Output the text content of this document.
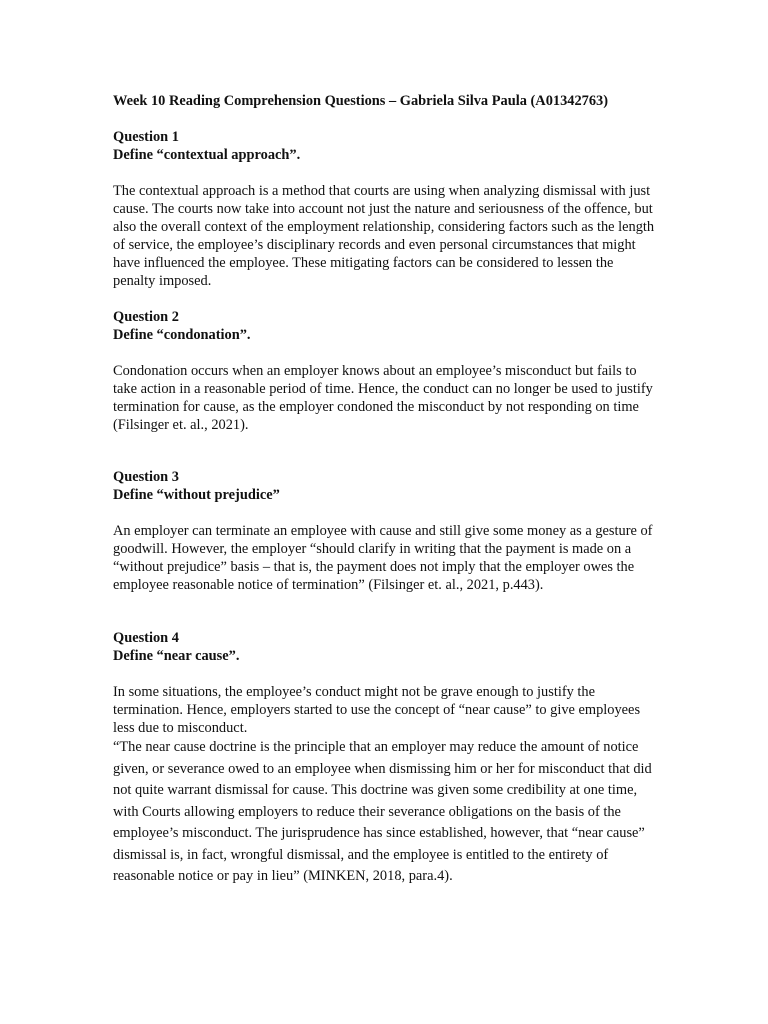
Week 10 Reading Comprehension Questions – Gabriela Silva Paula (A01342763)

Question 1

Define “contextual approach”.

The contextual approach is a method that courts are using when analyzing dismissal with just cause. The courts now take into account not just the nature and seriousness of the offence, but also the overall context of the employment relationship, considering factors such as the length of service, the employee’s disciplinary records and even personal circumstances that might have influenced the employee. These mitigating factors can be considered to lessen the penalty imposed.

Question 2

Define “condonation”.

Condonation occurs when an employer knows about an employee’s misconduct but fails to take action in a reasonable period of time. Hence, the conduct can no longer be used to justify termination for cause, as the employer condoned the misconduct by not responding on time (Filsinger et. al., 2021).

Question 3

Define “without prejudice”

An employer can terminate an employee with cause and still give some money as a gesture of goodwill. However, the employer “should clarify in writing that the payment is made on a “without prejudice” basis – that is, the payment does not imply that the employer owes the employee reasonable notice of termination” (Filsinger et. al., 2021, p.443).

Question 4

Define “near cause”.

In some situations, the employee’s conduct might not be grave enough to justify the termination. Hence, employers started to use the concept of “near cause” to give employees less due to misconduct.

“The near cause doctrine is the principle that an employer may reduce the amount of notice given, or severance owed to an employee when dismissing him or her for misconduct that did not quite warrant dismissal for cause. This doctrine was given some credibility at one time, with Courts allowing employers to reduce their severance obligations on the basis of the employee’s misconduct. The jurisprudence has since established, however, that “near cause” dismissal is, in fact, wrongful dismissal, and the employee is entitled to the entirety of reasonable notice or pay in lieu” (MINKEN, 2018, para.4).
